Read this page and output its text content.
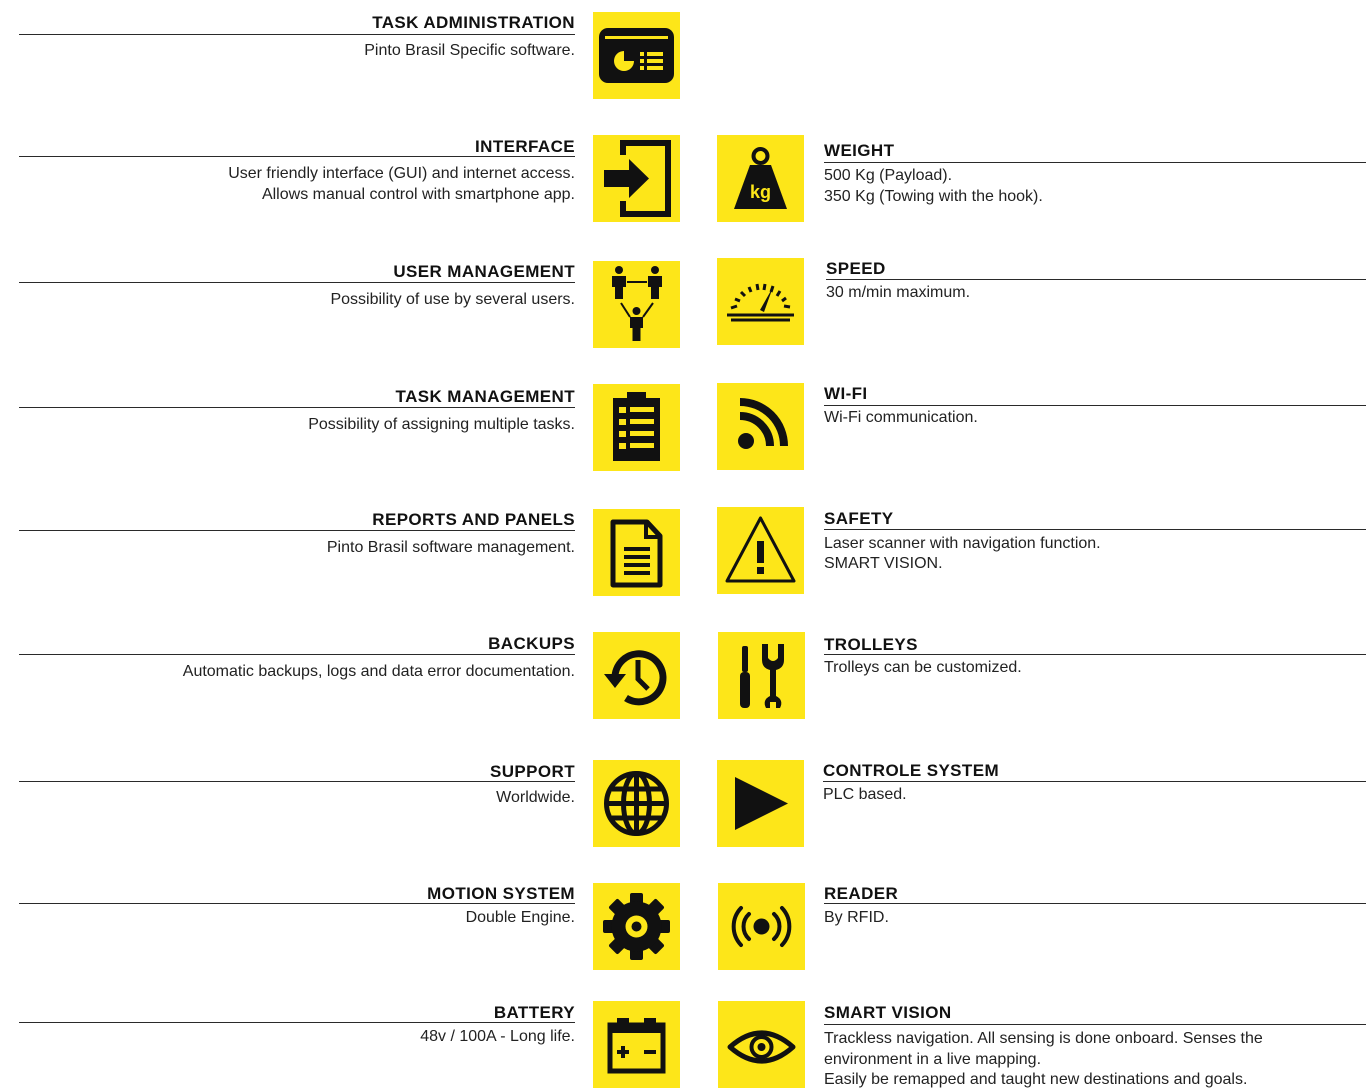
TASK ADMINISTRATION
Pinto Brasil Specific software.
INTERFACE
User friendly interface (GUI) and internet access.
Allows manual control with smartphone app.
USER MANAGEMENT
Possibility of use by several users.
TASK MANAGEMENT
Possibility of assigning multiple tasks.
REPORTS AND PANELS
Pinto Brasil software management.
BACKUPS
Automatic backups, logs and data error documentation.
SUPPORT
Worldwide.
MOTION SYSTEM
Double Engine.
BATTERY
48v / 100A - Long life.
WEIGHT
500 Kg (Payload).
350 Kg (Towing with the hook).
kg
SPEED
30 m/min maximum.
WI-FI
Wi-Fi communication.
SAFETY
Laser scanner with navigation function.
SMART VISION.
TROLLEYS
Trolleys can be customized.
CONTROLE SYSTEM
PLC based.
READER
By RFID.
SMART VISION
Trackless navigation. All sensing is done onboard. Senses the
environment in a live mapping.
Easily be remapped and taught new destinations and goals.
